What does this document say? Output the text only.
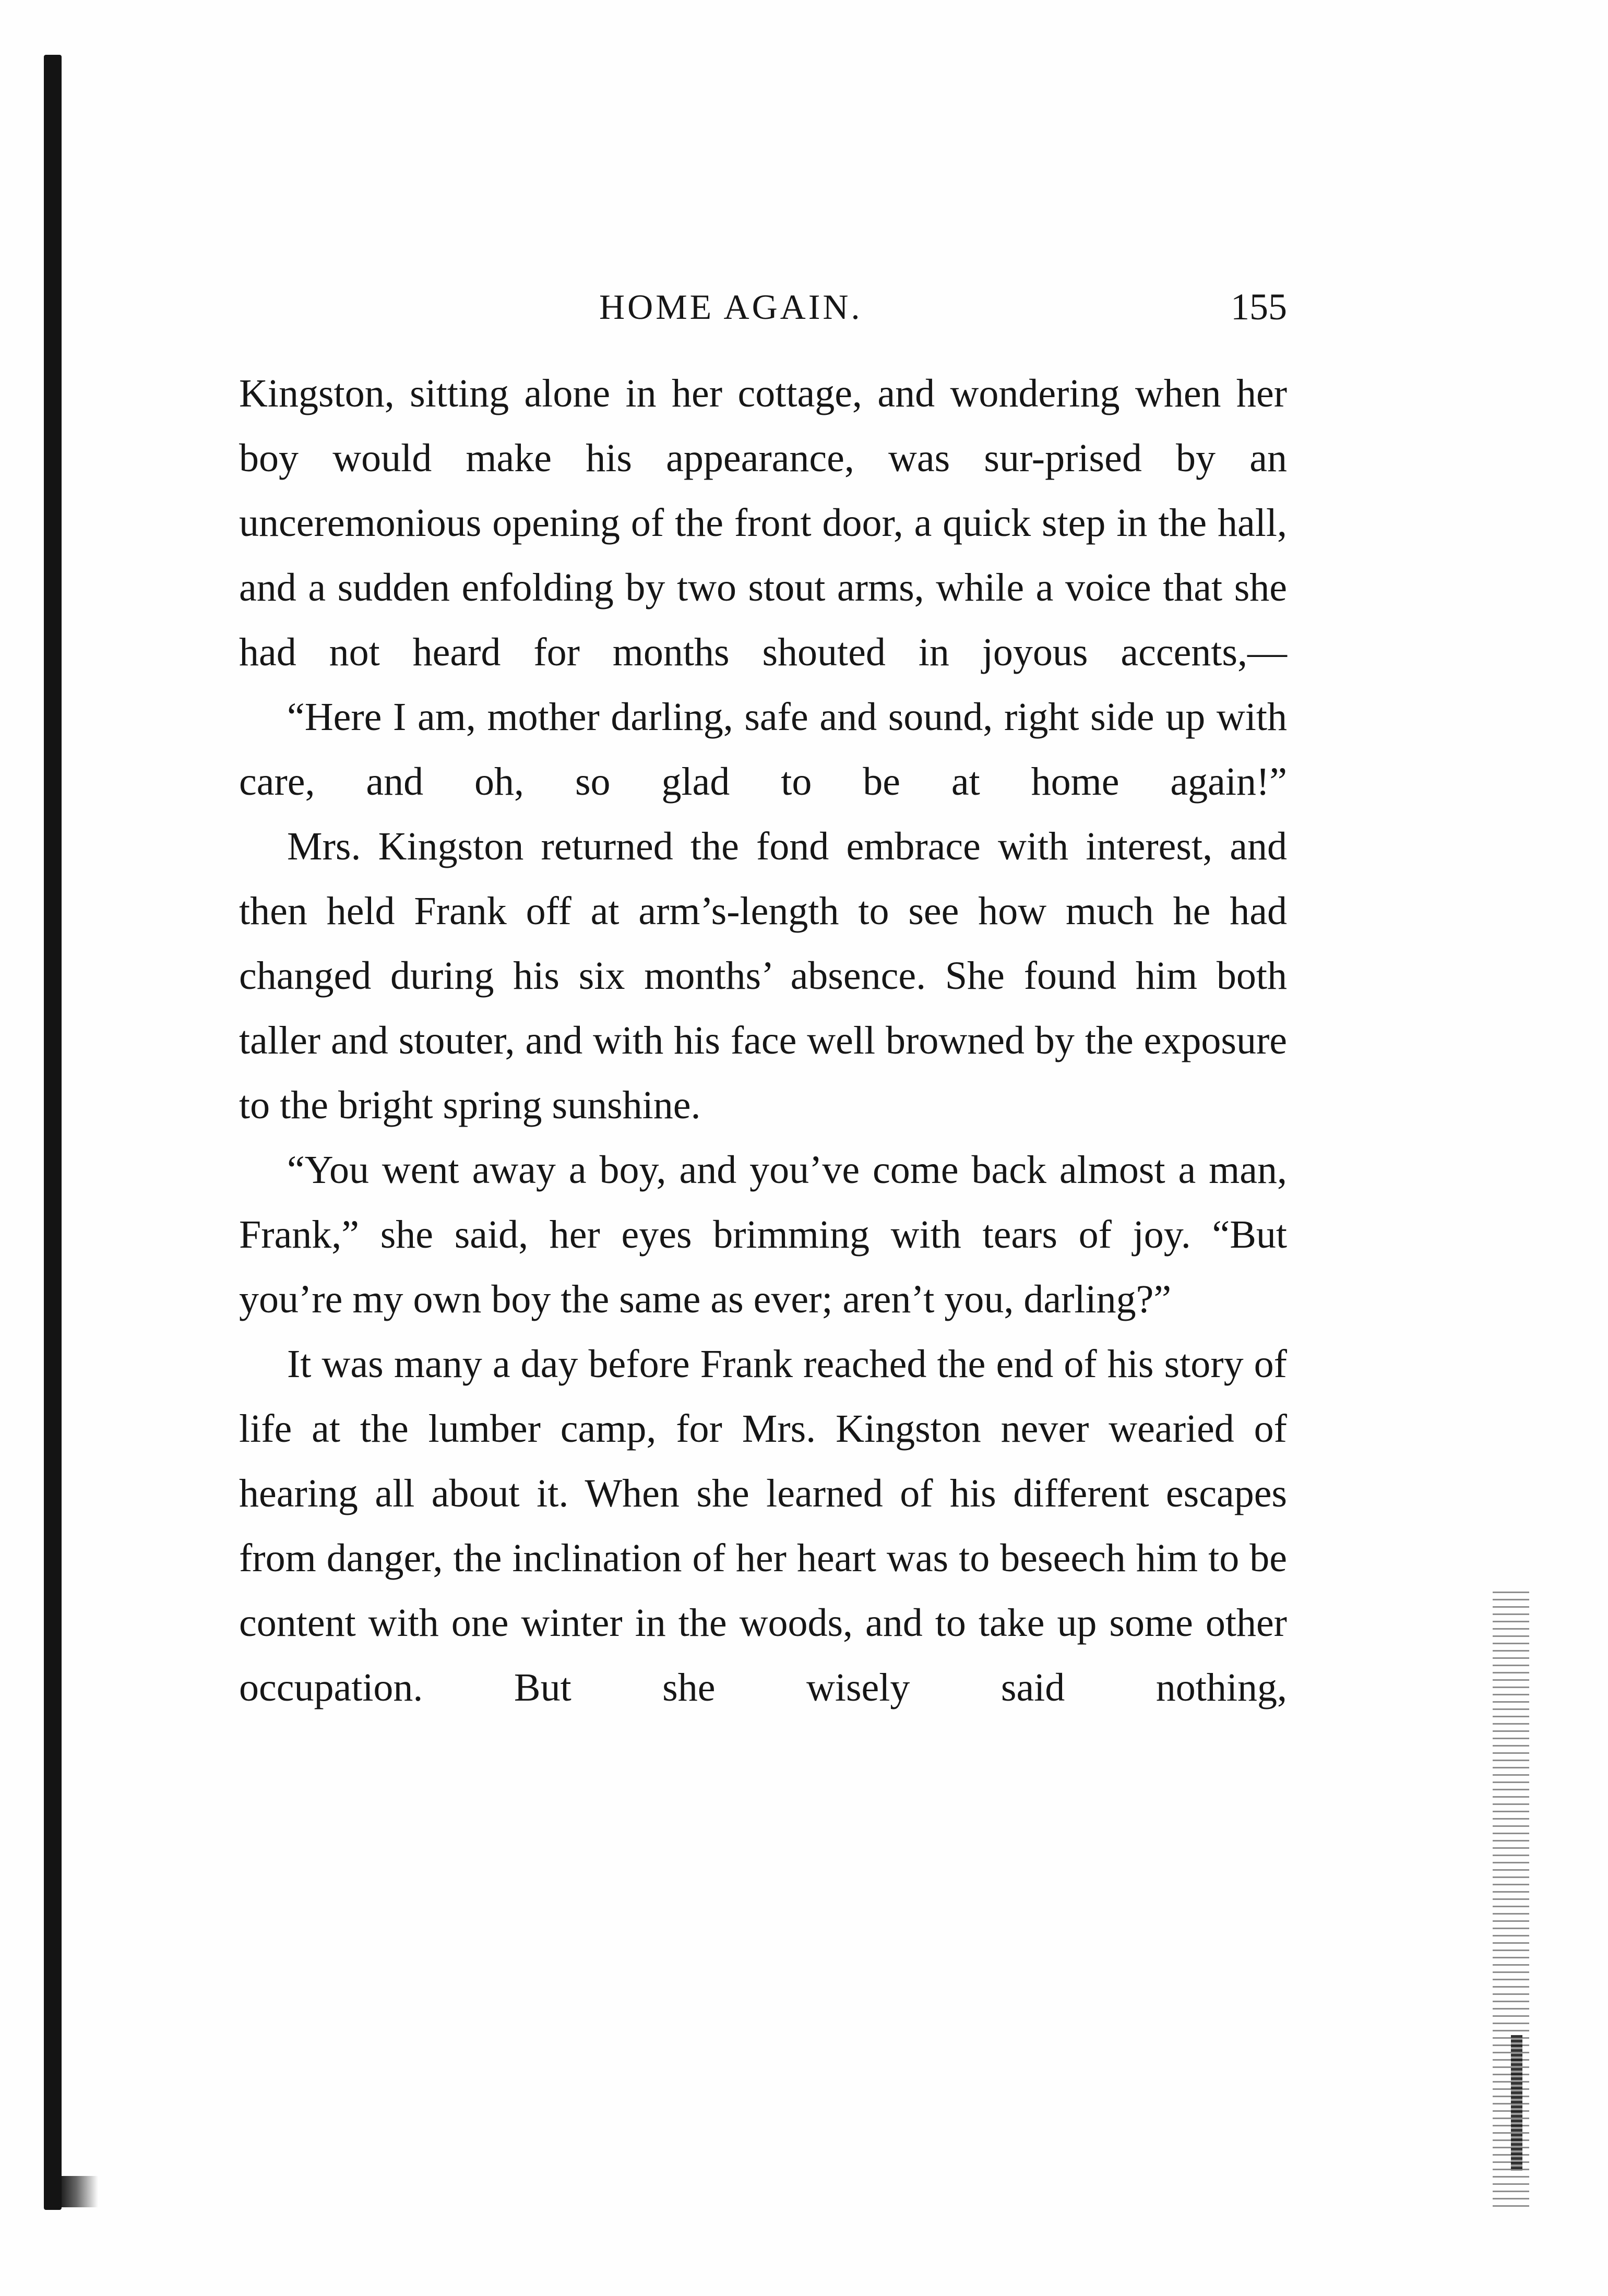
HOME AGAIN.	155

Kingston, sitting alone in her cottage, and wondering when her boy would make his appearance, was sur-prised by an unceremonious opening of the front door, a quick step in the hall, and a sudden enfolding by two stout arms, while a voice that she had not heard for months shouted in joyous accents,—

“Here I am, mother darling, safe and sound, right side up with care, and oh, so glad to be at home again!”

Mrs. Kingston returned the fond embrace with interest, and then held Frank off at arm’s-length to see how much he had changed during his six months’ absence. She found him both taller and stouter, and with his face well browned by the exposure to the bright spring sunshine.

“You went away a boy, and you’ve come back almost a man, Frank,” she said, her eyes brimming with tears of joy. “But you’re my own boy the same as ever; aren’t you, darling?”

It was many a day before Frank reached the end of his story of life at the lumber camp, for Mrs. Kingston never wearied of hearing all about it. When she learned of his different escapes from danger, the inclination of her heart was to beseech him to be content with one winter in the woods, and to take up some other occupation. But she wisely said nothing,
